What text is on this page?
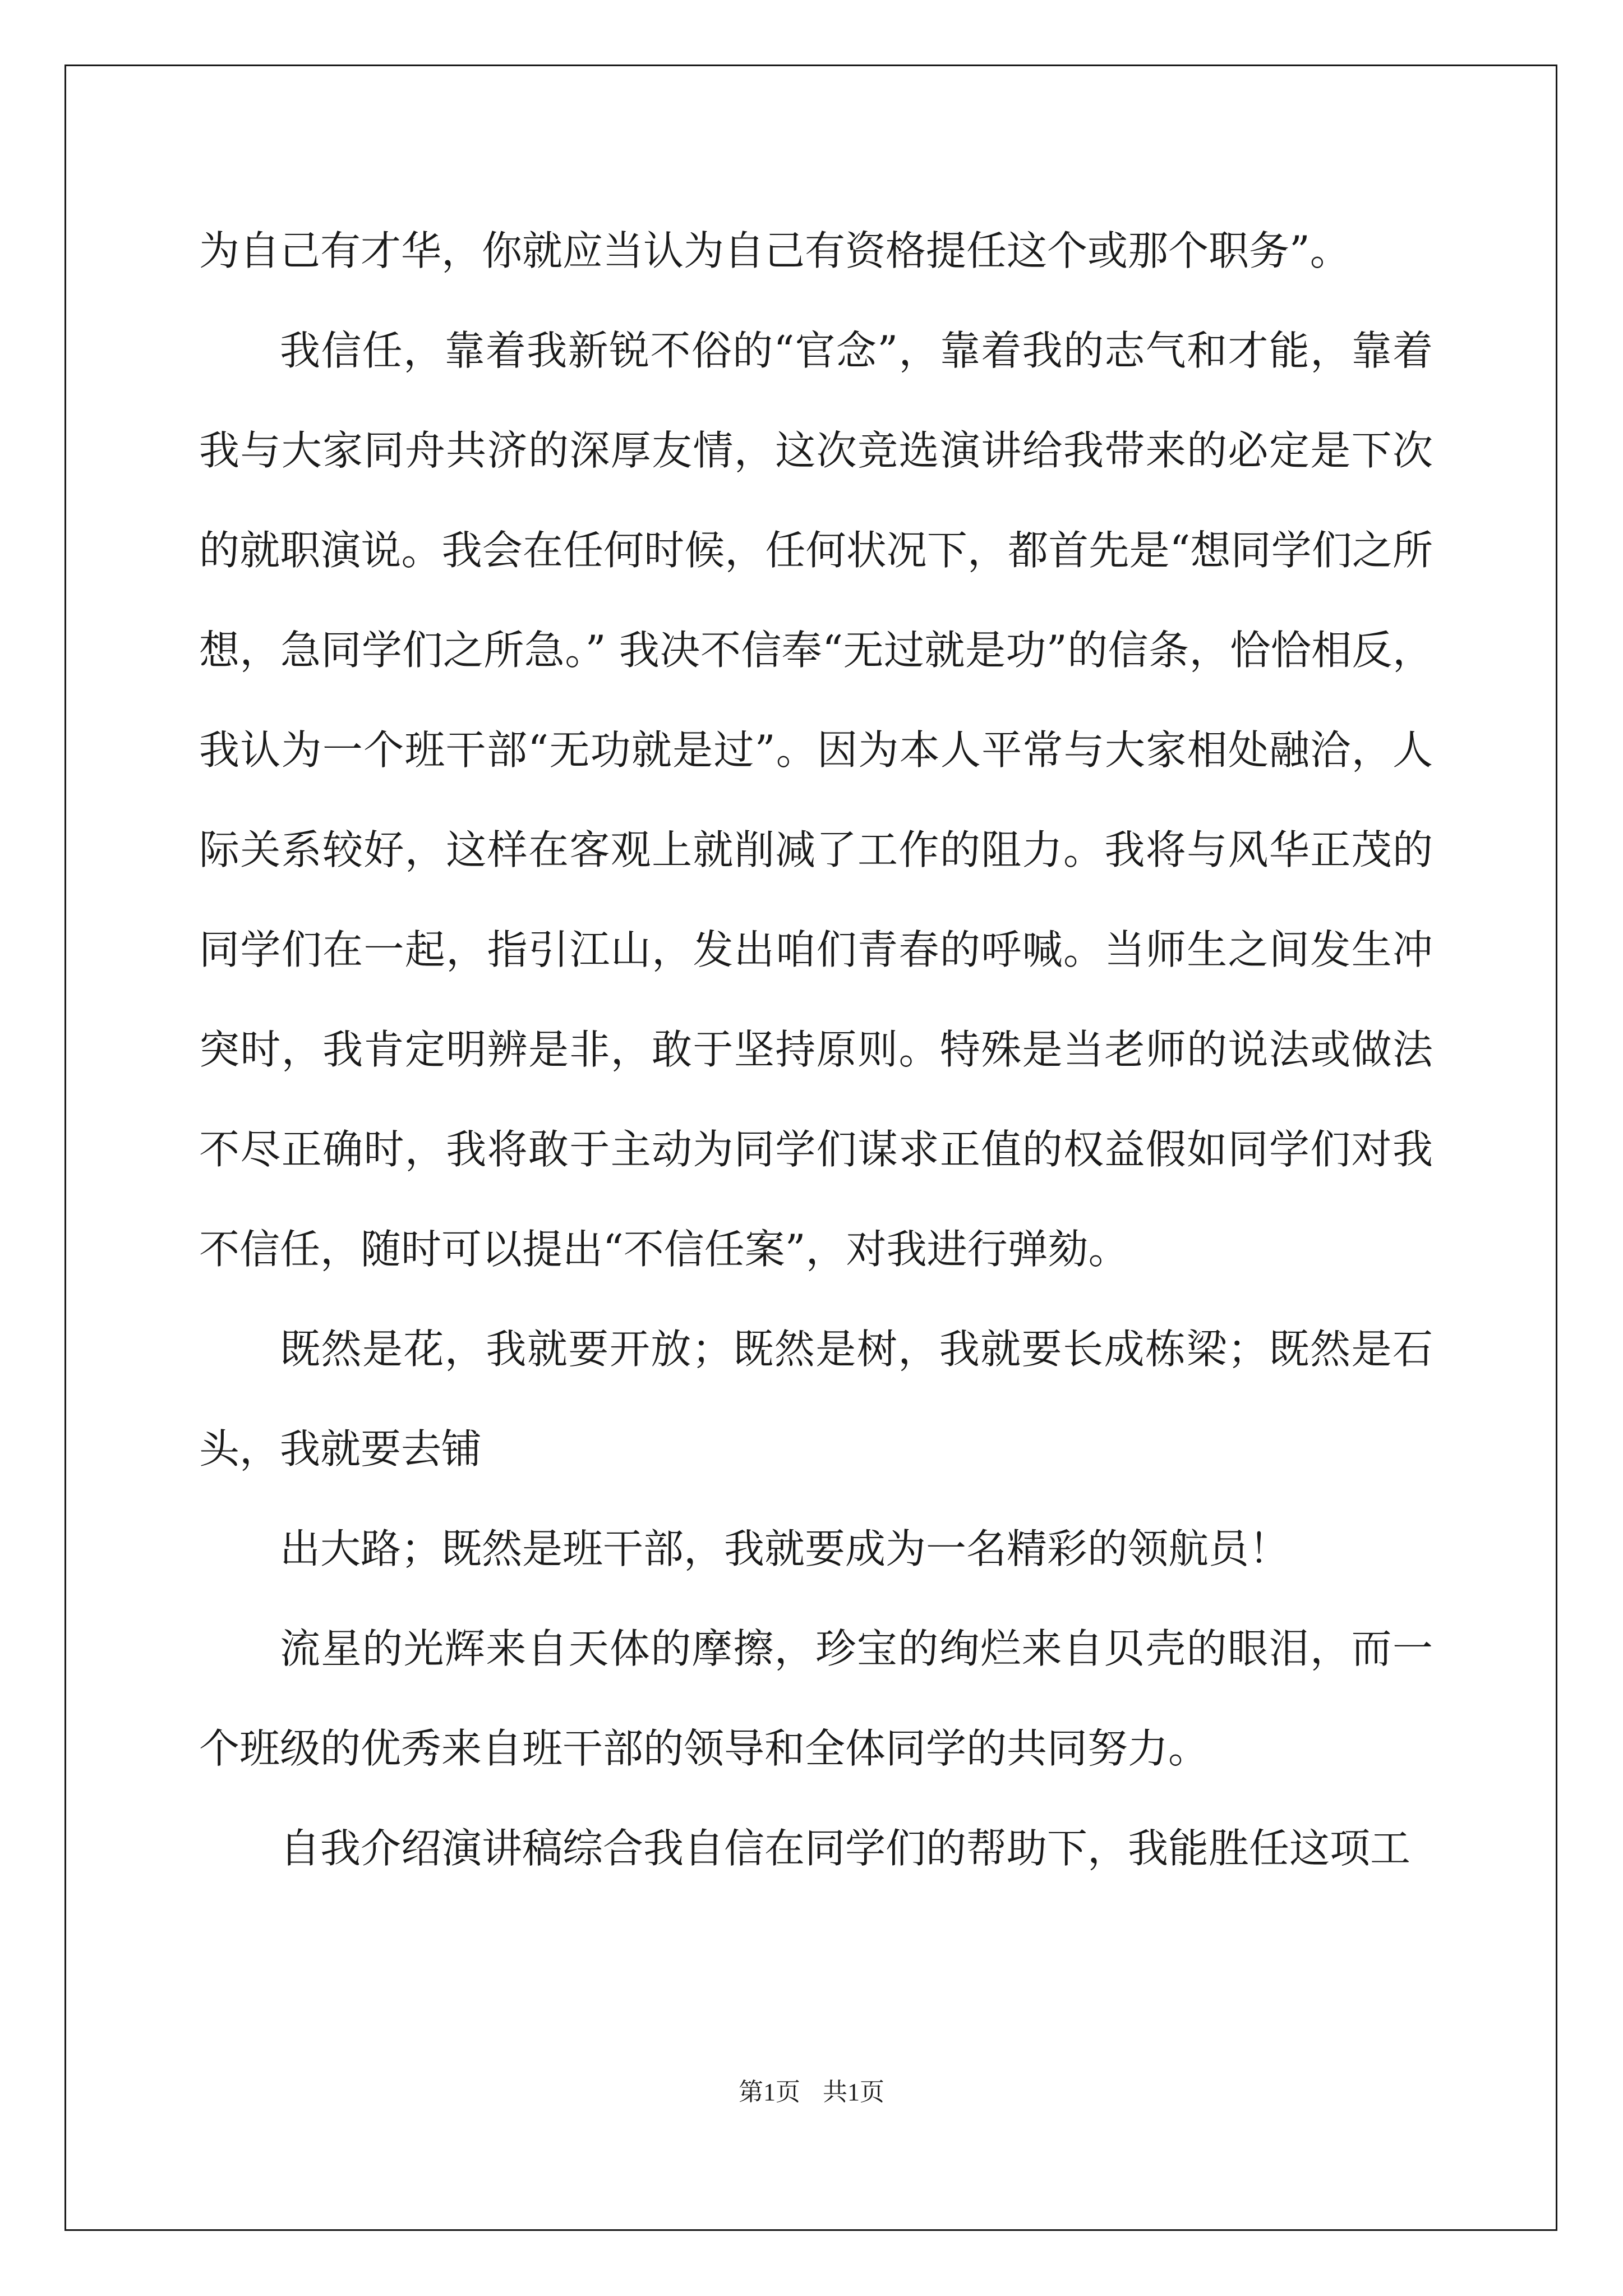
为自己有才华，你就应当认为自己有资格提任这个或那个职务”。

我信任，靠着我新锐不俗的“官念”，靠着我的志气和才能，靠着我与大家同舟共济的深厚友情，这次竞选演讲给我带来的必定是下次的就职演说。我会在任何时候，任何状况下，都首先是“想同学们之所想，急同学们之所急。” 我决不信奉“无过就是功”的信条，恰恰相反，我认为一个班干部“无功就是过”。因为本人平常与大家相处融洽，人际关系较好，这样在客观上就削减了工作的阻力。我将与风华正茂的同学们在一起，指引江山，发出咱们青春的呼喊。当师生之间发生冲突时，我肯定明辨是非，敢于坚持原则。特殊是当老师的说法或做法不尽正确时，我将敢于主动为同学们谋求正值的权益假如同学们对我不信任，随时可以提出“不信任案”，对我进行弹劾。

既然是花，我就要开放；既然是树，我就要长成栋梁；既然是石头，我就要去铺

出大路；既然是班干部，我就要成为一名精彩的领航员！

流星的光辉来自天体的摩擦，珍宝的绚烂来自贝壳的眼泪，而一个班级的优秀来自班干部的领导和全体同学的共同努力。

自我介绍演讲稿综合我自信在同学们的帮助下，我能胜任这项工

第1页 共1页
